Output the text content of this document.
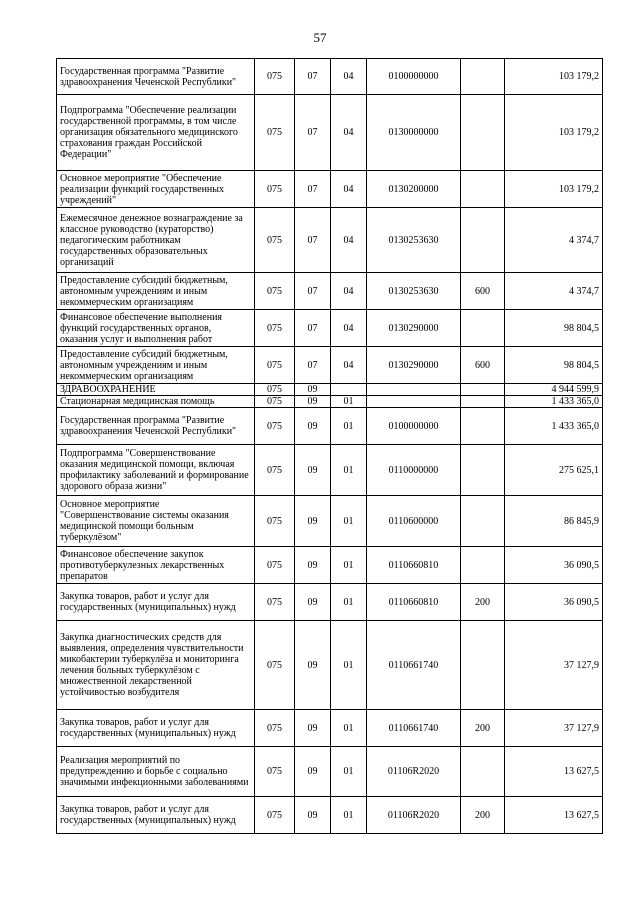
57
Государственная программа "Развитие здравоохранения Чеченской Республики"	075	07	04	0100000000		103 179,2
Подпрограмма "Обеспечение реализации государственной программы, в том числе организация обязательного медицинского страхования граждан Российской Федерации"	075	07	04	0130000000		103 179,2
Основное мероприятие "Обеспечение реализации функций государственных учреждений"	075	07	04	0130200000		103 179,2
Ежемесячное денежное вознаграждение за классное руководство (кураторство) педагогическим работникам государственных образовательных организаций	075	07	04	0130253630		4 374,7
Предоставление субсидий бюджетным, автономным учреждениям и иным некоммерческим организациям	075	07	04	0130253630	600	4 374,7
Финансовое обеспечение выполнения функций государственных органов, оказания услуг и выполнения работ	075	07	04	0130290000		98 804,5
Предоставление субсидий бюджетным, автономным учреждениям и иным некоммерческим организациям	075	07	04	0130290000	600	98 804,5
ЗДРАВООХРАНЕНИЕ	075	09				4 944 599,9
Стационарная медицинская помощь	075	09	01			1 433 365,0
Государственная программа "Развитие здравоохранения Чеченской Республики"	075	09	01	0100000000		1 433 365,0
Подпрограмма "Совершенствование оказания медицинской помощи, включая профилактику заболеваний и формирование здорового образа жизни"	075	09	01	0110000000		275 625,1
Основное мероприятие "Совершенствование системы оказания медицинской помощи больным туберкулёзом"	075	09	01	0110600000		86 845,9
Финансовое обеспечение закупок противотуберкулезных лекарственных препаратов	075	09	01	0110660810		36 090,5
Закупка товаров, работ и услуг для государственных (муниципальных) нужд	075	09	01	0110660810	200	36 090,5
Закупка диагностических средств для выявления, определения чувствительности микобактерии туберкулёза и мониторинга лечения больных туберкулёзом с множественной лекарственной устойчивостью возбудителя	075	09	01	0110661740		37 127,9
Закупка товаров, работ и услуг для государственных (муниципальных) нужд	075	09	01	0110661740	200	37 127,9
Реализация мероприятий по предупреждению и борьбе с социально значимыми инфекционными заболеваниями	075	09	01	01106R2020		13 627,5
Закупка товаров, работ и услуг для государственных (муниципальных) нужд	075	09	01	01106R2020	200	13 627,5
